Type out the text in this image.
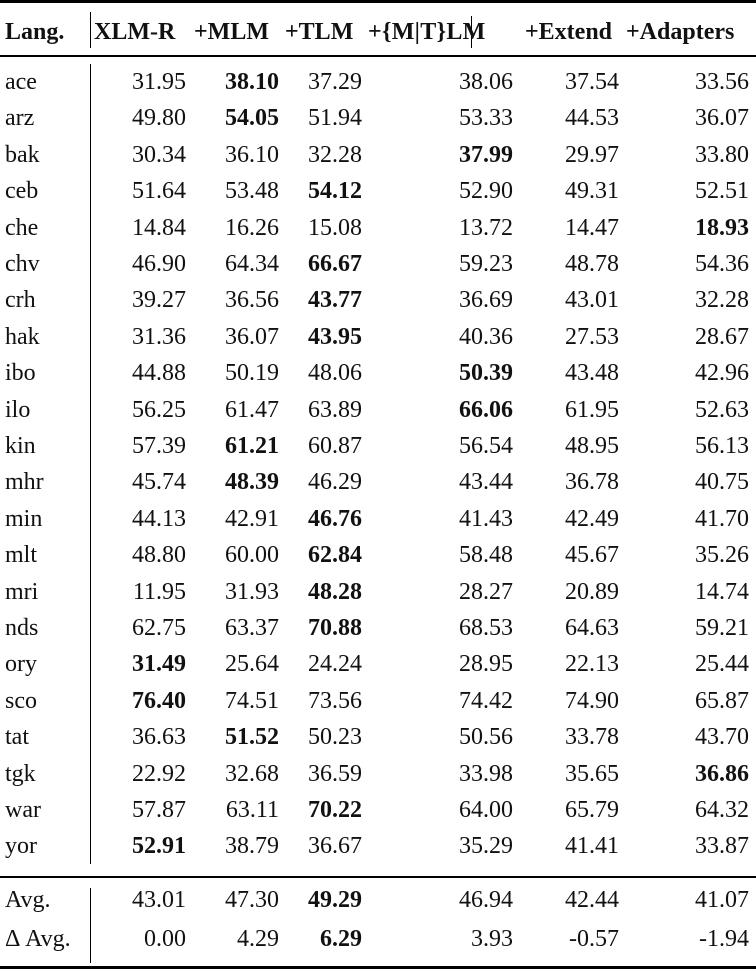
Lang. XLM-R +MLM +TLM +{M|T}LM +Extend +Adapters
ace	31.95 38.10 37.29	38.06 37.54	33.56
arz	49.80 54.05 51.94	53.33 44.53	36.07
bak	30.34 36.10 32.28	37.99 29.97	33.80
ceb	51.64 53.48 54.12	52.90 49.31	52.51
che	14.84 16.26 15.08	13.72 14.47	18.93
chv	46.90 64.34 66.67	59.23 48.78	54.36
crh	39.27 36.56 43.77	36.69 43.01	32.28
hak	31.36 36.07 43.95	40.36 27.53	28.67
ibo	44.88 50.19 48.06	50.39 43.48	42.96
ilo	56.25 61.47 63.89	66.06 61.95	52.63
kin	57.39 61.21 60.87	56.54 48.95	56.13
mhr	45.74 48.39 46.29	43.44 36.78	40.75
min	44.13 42.91 46.76	41.43 42.49	41.70
mlt	48.80 60.00 62.84	58.48 45.67	35.26
mri	11.95 31.93 48.28	28.27 20.89	14.74
nds	62.75 63.37 70.88	68.53 64.63	59.21
ory	31.49 25.64 24.24	28.95 22.13	25.44
sco	76.40 74.51 73.56	74.42 74.90	65.87
tat	36.63 51.52 50.23	50.56 33.78	43.70
tgk	22.92 32.68 36.59	33.98 35.65	36.86
war	57.87 63.11 70.22	64.00 65.79	64.32
yor	52.91 38.79 36.67	35.29 41.41	33.87
Avg.	43.01 47.30 49.29	46.94 42.44	41.07
Δ Avg.	0.00 4.29 6.29	3.93 -0.57	-1.94
